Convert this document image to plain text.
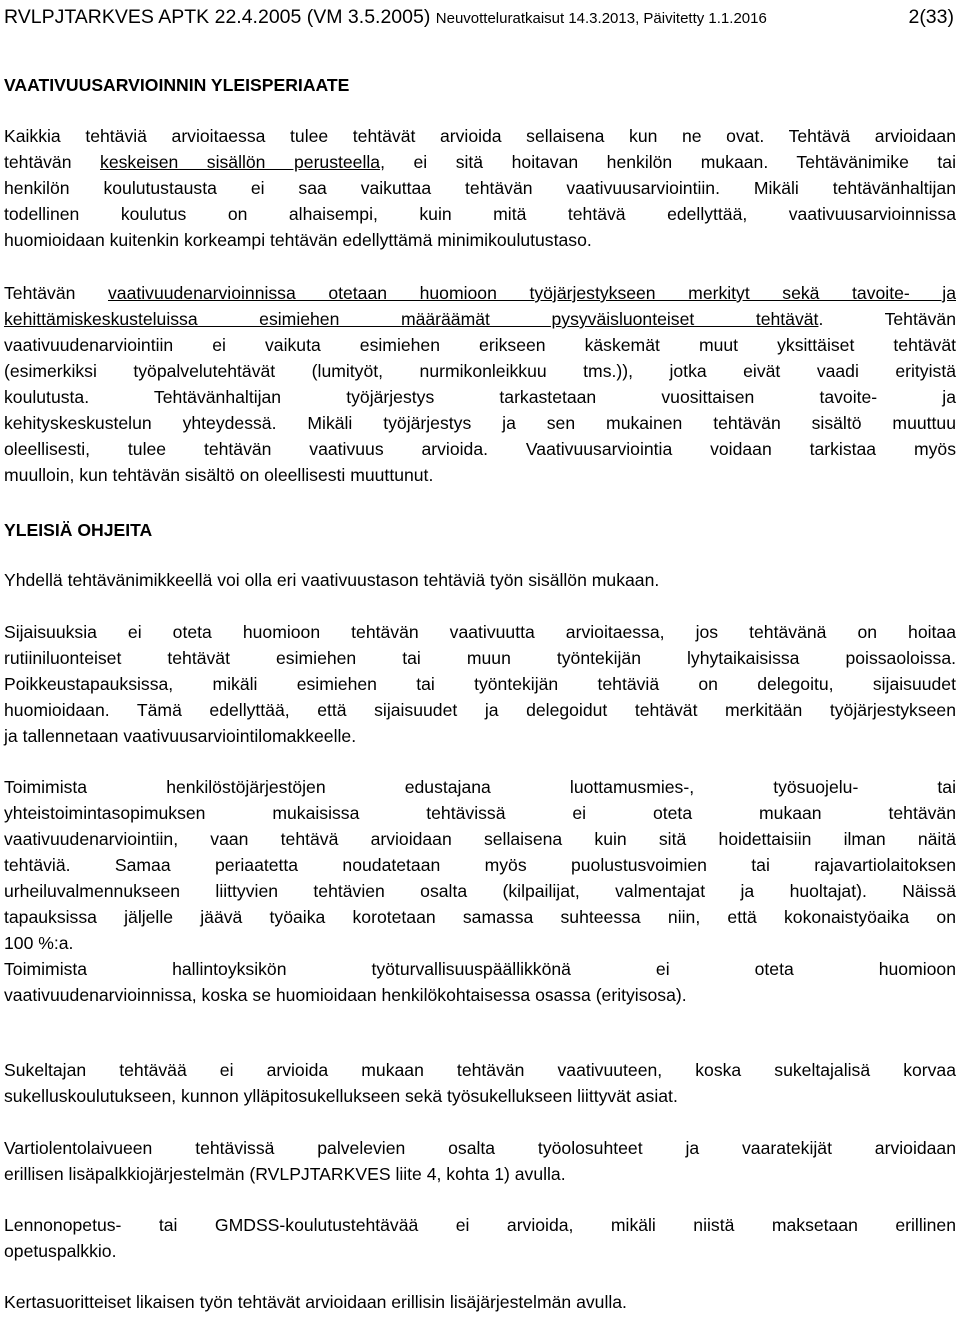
RVLPJTARKVES APTK 22.4.2005 (VM 3.5.2005) Neuvotteluratkaisut 14.3.2013, Päivitetty 1.1.2016	2(33)
VAATIVUUSARVIOINNIN YLEISPERIAATE
Kaikkia tehtäviä arvioitaessa tulee tehtävät arvioida sellaisena kun ne ovat. Tehtävä arvioidaan
tehtävän keskeisen sisällön perusteella, ei sitä hoitavan henkilön mukaan. Tehtävänimike tai
henkilön koulutustausta ei saa vaikuttaa tehtävän vaativuusarviointiin. Mikäli tehtävänhaltijan
todellinen koulutus on alhaisempi, kuin mitä tehtävä edellyttää, vaativuusarvioinnissa
huomioidaan kuitenkin korkeampi tehtävän edellyttämä minimikoulutustaso.
Tehtävän vaativuudenarvioinnissa otetaan huomioon työjärjestykseen merkityt sekä tavoite- ja
kehittämiskeskusteluissa esimiehen määräämät pysyväisluonteiset tehtävät. Tehtävän
vaativuudenarviointiin ei vaikuta esimiehen erikseen käskemät muut yksittäiset tehtävät
(esimerkiksi työpalvelutehtävät (lumityöt, nurmikonleikkuu tms.)), jotka eivät vaadi erityistä
koulutusta. Tehtävänhaltijan työjärjestys tarkastetaan vuosittaisen tavoite- ja
kehityskeskustelun yhteydessä. Mikäli työjärjestys ja sen mukainen tehtävän sisältö muuttuu
oleellisesti, tulee tehtävän vaativuus arvioida. Vaativuusarviointia voidaan tarkistaa myös
muulloin, kun tehtävän sisältö on oleellisesti muuttunut.
YLEISIÄ OHJEITA
Yhdellä tehtävänimikkeellä voi olla eri vaativuustason tehtäviä työn sisällön mukaan.
Sijaisuuksia ei oteta huomioon tehtävän vaativuutta arvioitaessa, jos tehtävänä on hoitaa
rutiiniluonteiset tehtävät esimiehen tai muun työntekijän lyhytaikaisissa poissaoloissa.
Poikkeustapauksissa, mikäli esimiehen tai työntekijän tehtäviä on delegoitu, sijaisuudet
huomioidaan. Tämä edellyttää, että sijaisuudet ja delegoidut tehtävät merkitään työjärjestykseen
ja tallennetaan vaativuusarviointilomakkeelle.
Toimimista henkilöstöjärjestöjen edustajana luottamusmies-, työsuojelu- tai
yhteistoimintasopimuksen mukaisissa tehtävissä ei oteta mukaan tehtävän
vaativuudenarviointiin, vaan tehtävä arvioidaan sellaisena kuin sitä hoidettaisiin ilman näitä
tehtäviä. Samaa periaatetta noudatetaan myös puolustusvoimien tai rajavartiolaitoksen
urheiluvalmennukseen liittyvien tehtävien osalta (kilpailijat, valmentajat ja huoltajat). Näissä
tapauksissa jäljelle jäävä työaika korotetaan samassa suhteessa niin, että kokonaistyöaika on
100 %:a.
Toimimista hallintoyksikön työturvallisuuspäällikkönä ei oteta huomioon
vaativuudenarvioinnissa, koska se huomioidaan henkilökohtaisessa osassa (erityisosa).
Sukeltajan tehtävää ei arvioida mukaan tehtävän vaativuuteen, koska sukeltajalisä korvaa
sukelluskoulutukseen, kunnon ylläpitosukellukseen sekä työsukellukseen liittyvät asiat.
Vartiolentolaivueen tehtävissä palvelevien osalta työolosuhteet ja vaaratekijät arvioidaan
erillisen lisäpalkkiojärjestelmän (RVLPJTARKVES liite 4, kohta 1) avulla.
Lennonopetus- tai GMDSS-koulutustehtävää ei arvioida, mikäli niistä maksetaan erillinen
opetuspalkkio.
Kertasuoritteiset likaisen työn tehtävät arvioidaan erillisin lisäjärjestelmän avulla.
